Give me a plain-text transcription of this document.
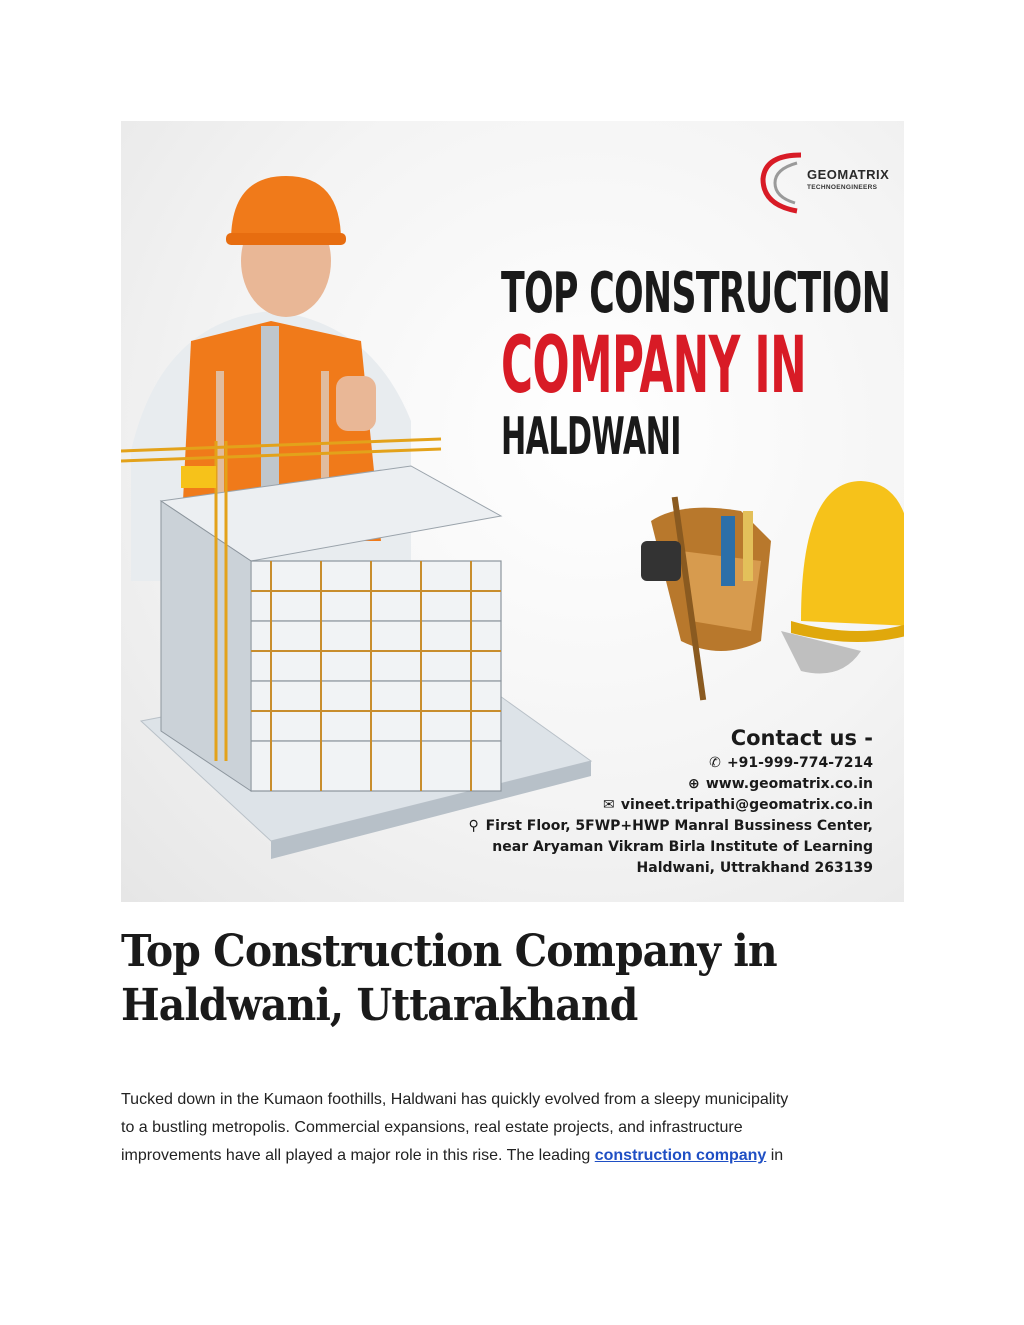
GEOMATRIX
TECHNOENGINEERS
TOP CONSTRUCTION
COMPANY IN
HALDWANI
Contact us -
✆ +91-999-774-7214
⊕ www.geomatrix.co.in
✉ vineet.tripathi@geomatrix.co.in
⚲ First Floor, 5FWP+HWP Manral Bussiness Center,
near Aryaman Vikram Birla Institute of Learning
Haldwani, Uttrakhand 263139
Top Construction Company in
Haldwani, Uttarakhand
Tucked down in the Kumaon foothills, Haldwani has quickly evolved from a sleepy municipality
to a bustling metropolis. Commercial expansions, real estate projects, and infrastructure
improvements have all played a major role in this rise. The leading construction company in
